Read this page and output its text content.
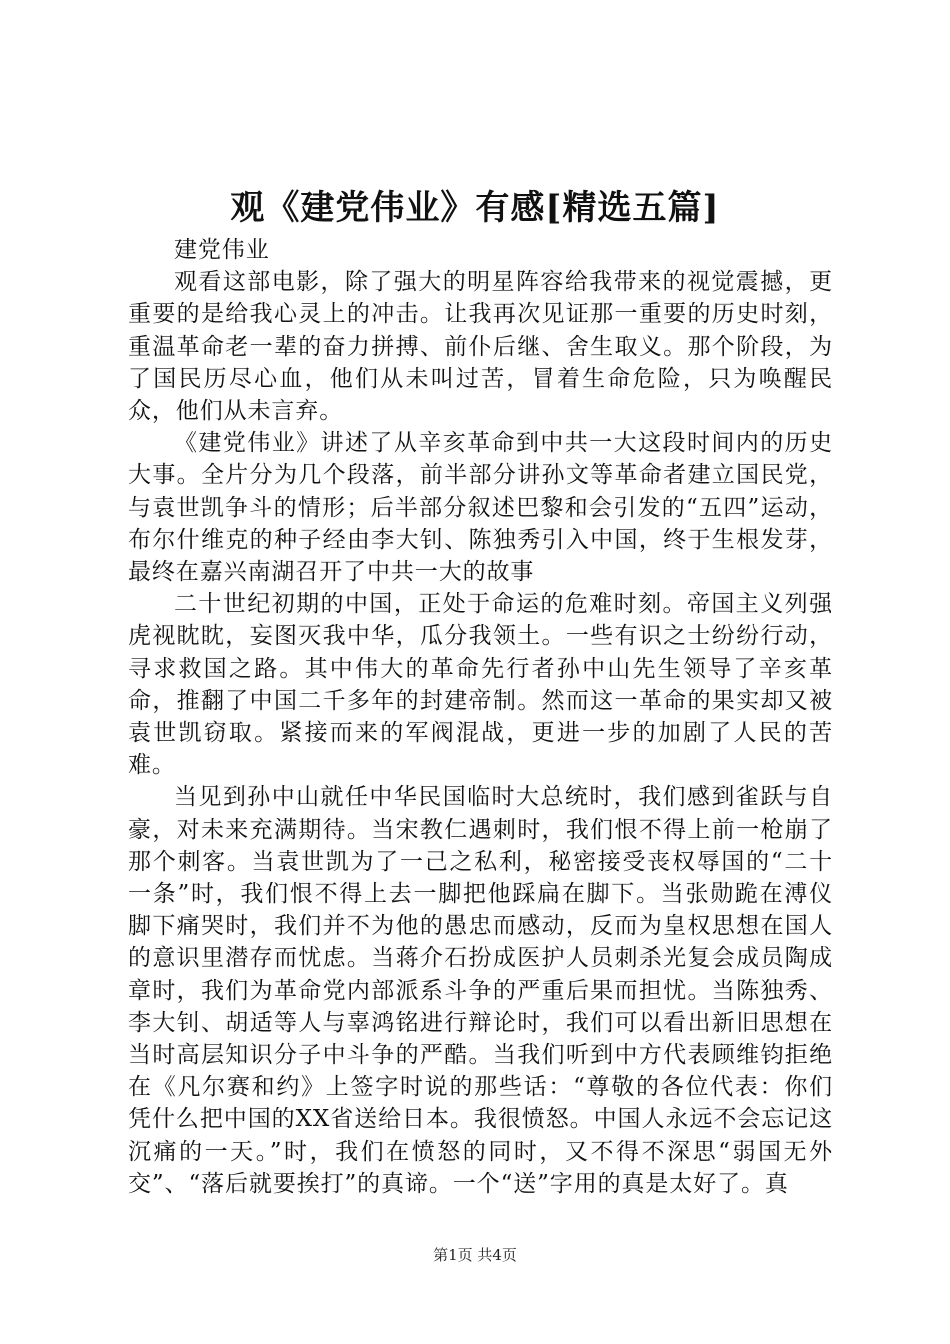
观《建党伟业》有感[精选五篇]

建党伟业

观看这部电影，除了强大的明星阵容给我带来的视觉震撼，更重要的是给我心灵上的冲击。让我再次见证那一重要的历史时刻，重温革命老一辈的奋力拼搏、前仆后继、舍生取义。那个阶段，为了国民历尽心血，他们从未叫过苦，冒着生命危险，只为唤醒民众，他们从未言弃。

《建党伟业》讲述了从辛亥革命到中共一大这段时间内的历史大事。全片分为几个段落，前半部分讲孙文等革命者建立国民党，与袁世凯争斗的情形；后半部分叙述巴黎和会引发的“五四”运动，布尔什维克的种子经由李大钊、陈独秀引入中国，终于生根发芽，最终在嘉兴南湖召开了中共一大的故事

二十世纪初期的中国，正处于命运的危难时刻。帝国主义列强虎视眈眈，妄图灭我中华，瓜分我领土。一些有识之士纷纷行动，寻求救国之路。其中伟大的革命先行者孙中山先生领导了辛亥革命，推翻了中国二千多年的封建帝制。然而这一革命的果实却又被袁世凯窃取。紧接而来的军阀混战，更进一步的加剧了人民的苦难。

当见到孙中山就任中华民国临时大总统时，我们感到雀跃与自豪，对未来充满期待。当宋教仁遇刺时，我们恨不得上前一枪崩了那个刺客。当袁世凯为了一己之私利，秘密接受丧权辱国的“二十一条”时，我们恨不得上去一脚把他踩扁在脚下。当张勋跪在溥仪脚下痛哭时，我们并不为他的愚忠而感动，反而为皇权思想在国人的意识里潜存而忧虑。当蒋介石扮成医护人员刺杀光复会成员陶成章时，我们为革命党内部派系斗争的严重后果而担忧。当陈独秀、李大钊、胡适等人与辜鸿铭进行辩论时，我们可以看出新旧思想在当时高层知识分子中斗争的严酷。当我们听到中方代表顾维钧拒绝在《凡尔赛和约》上签字时说的那些话：“尊敬的各位代表：你们凭什么把中国的XX省送给日本。我很愤怒。中国人永远不会忘记这沉痛的一天。”时，我们在愤怒的同时，又不得不深思“弱国无外交”、“落后就要挨打”的真谛。一个“送”字用的真是太好了。真

第1页 共4页
